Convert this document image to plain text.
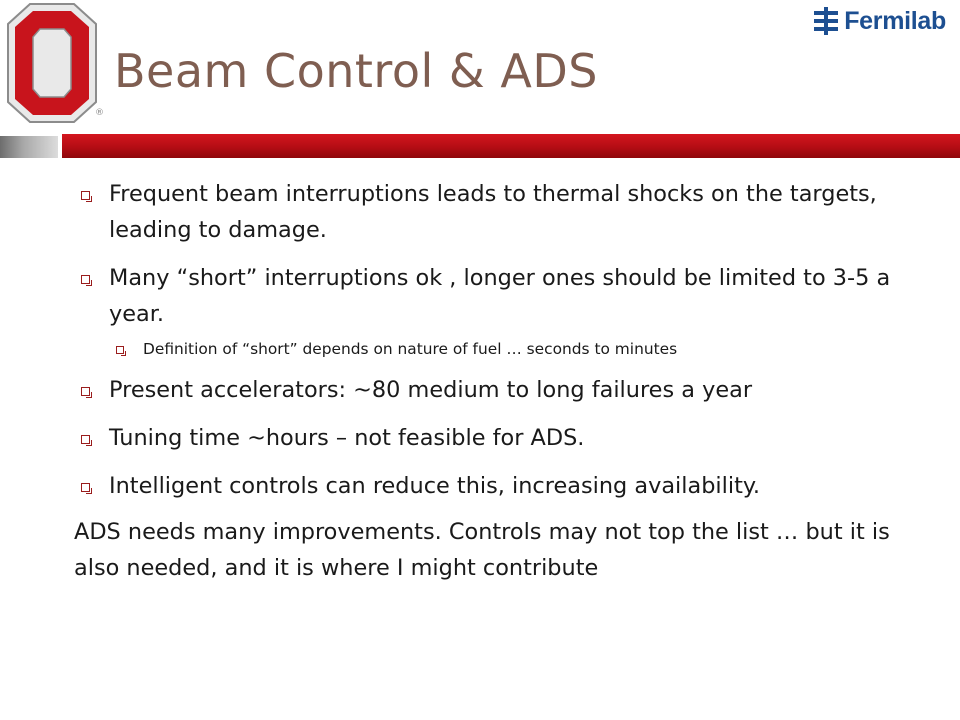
®
Fermilab
Beam Control & ADS
Frequent beam interruptions leads to thermal shocks on the targets, leading to damage.
Many “short” interruptions ok , longer ones should be limited to 3-5 a year.
Definition of “short” depends on nature of fuel … seconds to minutes
Present accelerators: ~80 medium to long failures a year
Tuning time ~hours – not feasible for ADS.
Intelligent controls can reduce this, increasing availability.
ADS needs many improvements. Controls may not top the list … but it is also needed, and it is where I might contribute
